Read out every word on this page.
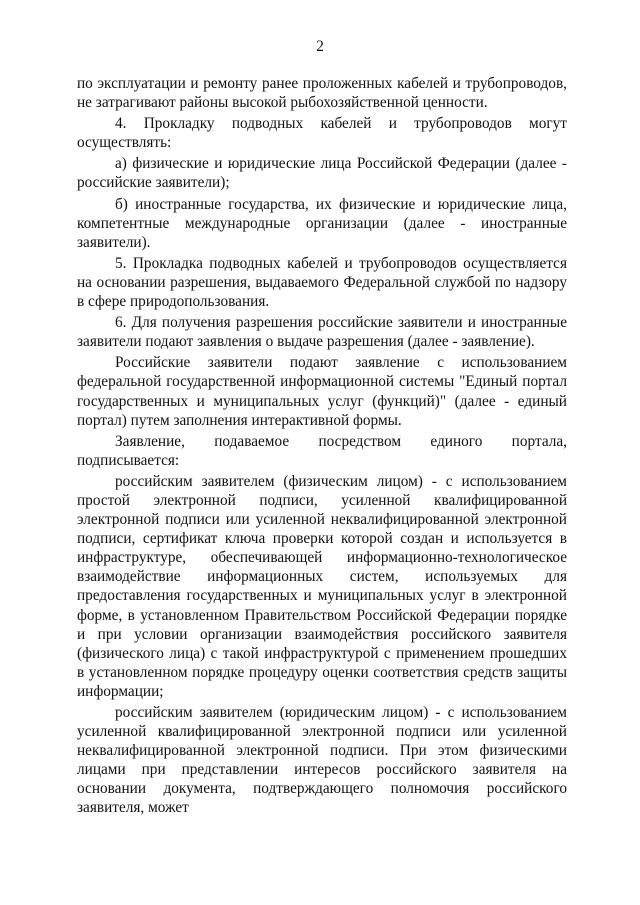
2

по эксплуатации и ремонту ранее проложенных кабелей и трубопроводов, не затрагивают районы высокой рыбохозяйственной ценности.

4. Прокладку подводных кабелей и трубопроводов могут осуществлять:

а) физические и юридические лица Российской Федерации (далее - российские заявители);

б) иностранные государства, их физические и юридические лица, компетентные международные организации (далее - иностранные заявители).

5. Прокладка подводных кабелей и трубопроводов осуществляется на основании разрешения, выдаваемого Федеральной службой по надзору в сфере природопользования.

6. Для получения разрешения российские заявители и иностранные заявители подают заявления о выдаче разрешения (далее - заявление).

Российские заявители подают заявление с использованием федеральной государственной информационной системы "Единый портал государственных и муниципальных услуг (функций)" (далее - единый портал) путем заполнения интерактивной формы.

Заявление, подаваемое посредством единого портала, подписывается:

российским заявителем (физическим лицом) - с использованием простой электронной подписи, усиленной квалифицированной электронной подписи или усиленной неквалифицированной электронной подписи, сертификат ключа проверки которой создан и используется в инфраструктуре, обеспечивающей информационно-технологическое взаимодействие информационных систем, используемых для предоставления государственных и муниципальных услуг в электронной форме, в установленном Правительством Российской Федерации порядке и при условии организации взаимодействия российского заявителя (физического лица) с такой инфраструктурой с применением прошедших в установленном порядке процедуру оценки соответствия средств защиты информации;

российским заявителем (юридическим лицом) - с использованием усиленной квалифицированной электронной подписи или усиленной неквалифицированной электронной подписи. При этом физическими лицами при представлении интересов российского заявителя на основании документа, подтверждающего полномочия российского заявителя, может
